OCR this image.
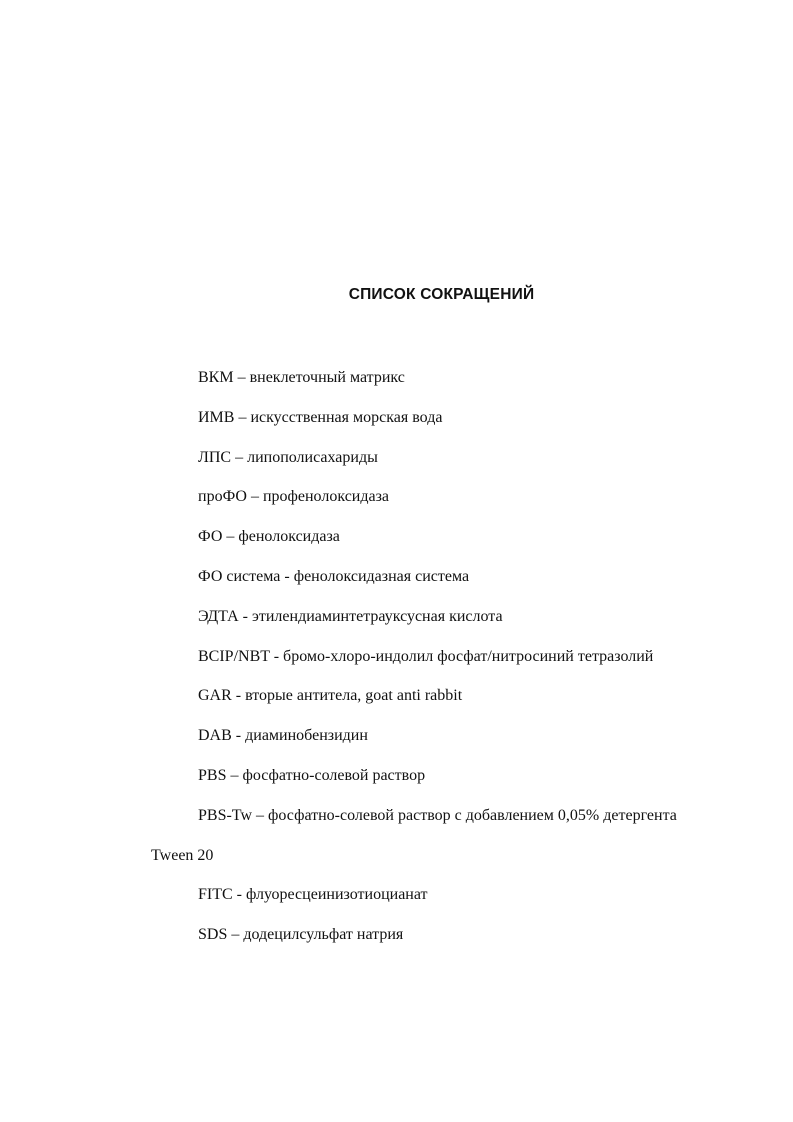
СПИСОК СОКРАЩЕНИЙ
ВКМ – внеклеточный матрикс
ИМВ – искусственная морская вода
ЛПС – липополисахариды
проФО – профенолоксидаза
ФО – фенолоксидаза
ФО система - фенолоксидазная система
ЭДТА - этилендиаминтетрауксусная кислота
BCIP/NBT - бромо-хлоро-индолил фосфат/нитросиний тетразолий
GAR - вторые антитела, goat anti rabbit
DAB - диаминобензидин
PBS – фосфатно-солевой раствор
PBS-Tw – фосфатно-солевой раствор с добавлением 0,05% детергента
Tween 20
FITC - флуоресцеинизотиоцианат
SDS – додецилсульфат натрия
